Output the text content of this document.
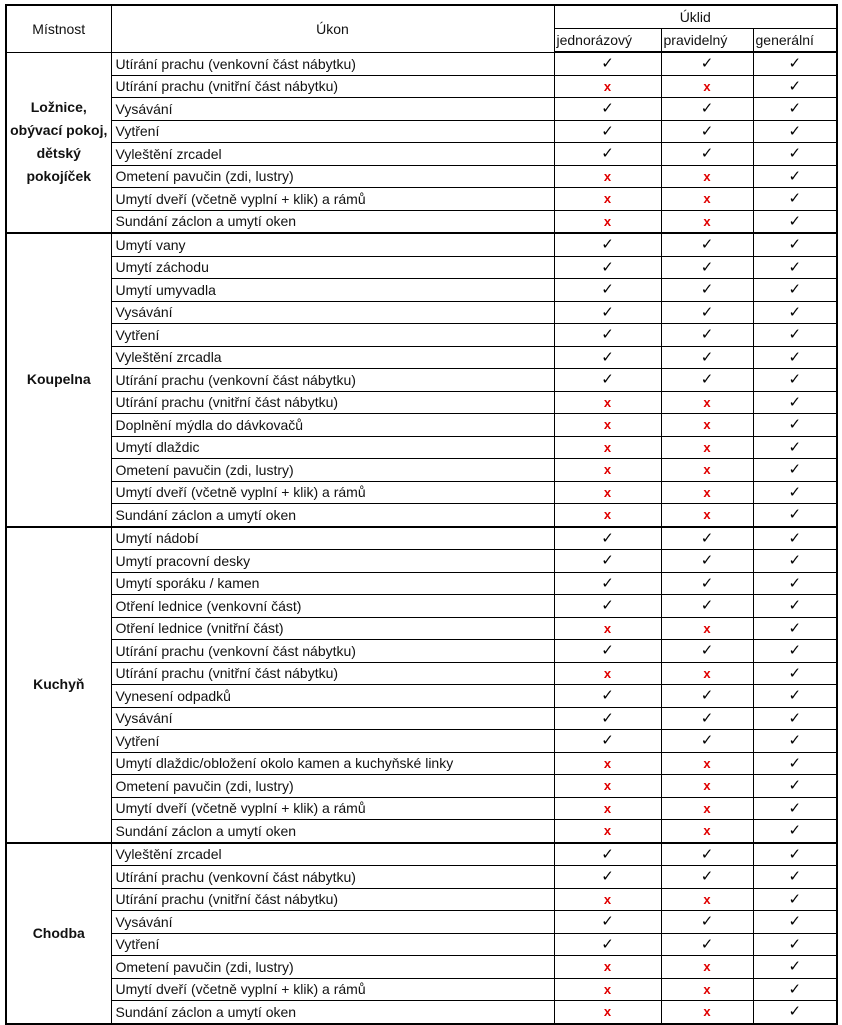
Místnost	Úkon	Úklid		
		jednorázový	pravidelný	generální
Ložnice, obývací pokoj, dětský pokojíček	Utírání prachu (venkovní část nábytku)	✓	✓	✓
	Utírání prachu (vnitřní část nábytku)	x	x	✓
	Vysávání	✓	✓	✓
	Vytření	✓	✓	✓
	Vyleštění zrcadel	✓	✓	✓
	Ometení pavučin (zdi, lustry)	x	x	✓
	Umytí dveří (včetně vyplní + klik) a rámů	x	x	✓
	Sundání záclon a umytí oken	x	x	✓
Koupelna	Umytí vany	✓	✓	✓
	Umytí záchodu	✓	✓	✓
	Umytí umyvadla	✓	✓	✓
	Vysávání	✓	✓	✓
	Vytření	✓	✓	✓
	Vyleštění zrcadla	✓	✓	✓
	Utírání prachu (venkovní část nábytku)	✓	✓	✓
	Utírání prachu (vnitřní část nábytku)	x	x	✓
	Doplnění mýdla do dávkovačů	x	x	✓
	Umytí dlaždic	x	x	✓
	Ometení pavučin (zdi, lustry)	x	x	✓
	Umytí dveří (včetně vyplní + klik) a rámů	x	x	✓
	Sundání záclon a umytí oken	x	x	✓
Kuchyň	Umytí nádobí	✓	✓	✓
	Umytí pracovní desky	✓	✓	✓
	Umytí sporáku / kamen	✓	✓	✓
	Otření lednice (venkovní část)	✓	✓	✓
	Otření lednice (vnitřní část)	x	x	✓
	Utírání prachu (venkovní část nábytku)	✓	✓	✓
	Utírání prachu (vnitřní část nábytku)	x	x	✓
	Vynesení odpadků	✓	✓	✓
	Vysávání	✓	✓	✓
	Vytření	✓	✓	✓
	Umytí dlaždic/obložení okolo kamen a kuchyňské linky	x	x	✓
	Ometení pavučin (zdi, lustry)	x	x	✓
	Umytí dveří (včetně vyplní + klik) a rámů	x	x	✓
	Sundání záclon a umytí oken	x	x	✓
Chodba	Vyleštění zrcadel	✓	✓	✓
	Utírání prachu (venkovní část nábytku)	✓	✓	✓
	Utírání prachu (vnitřní část nábytku)	x	x	✓
	Vysávání	✓	✓	✓
	Vytření	✓	✓	✓
	Ometení pavučin (zdi, lustry)	x	x	✓
	Umytí dveří (včetně vyplní + klik) a rámů	x	x	✓
	Sundání záclon a umytí oken	x	x	✓
